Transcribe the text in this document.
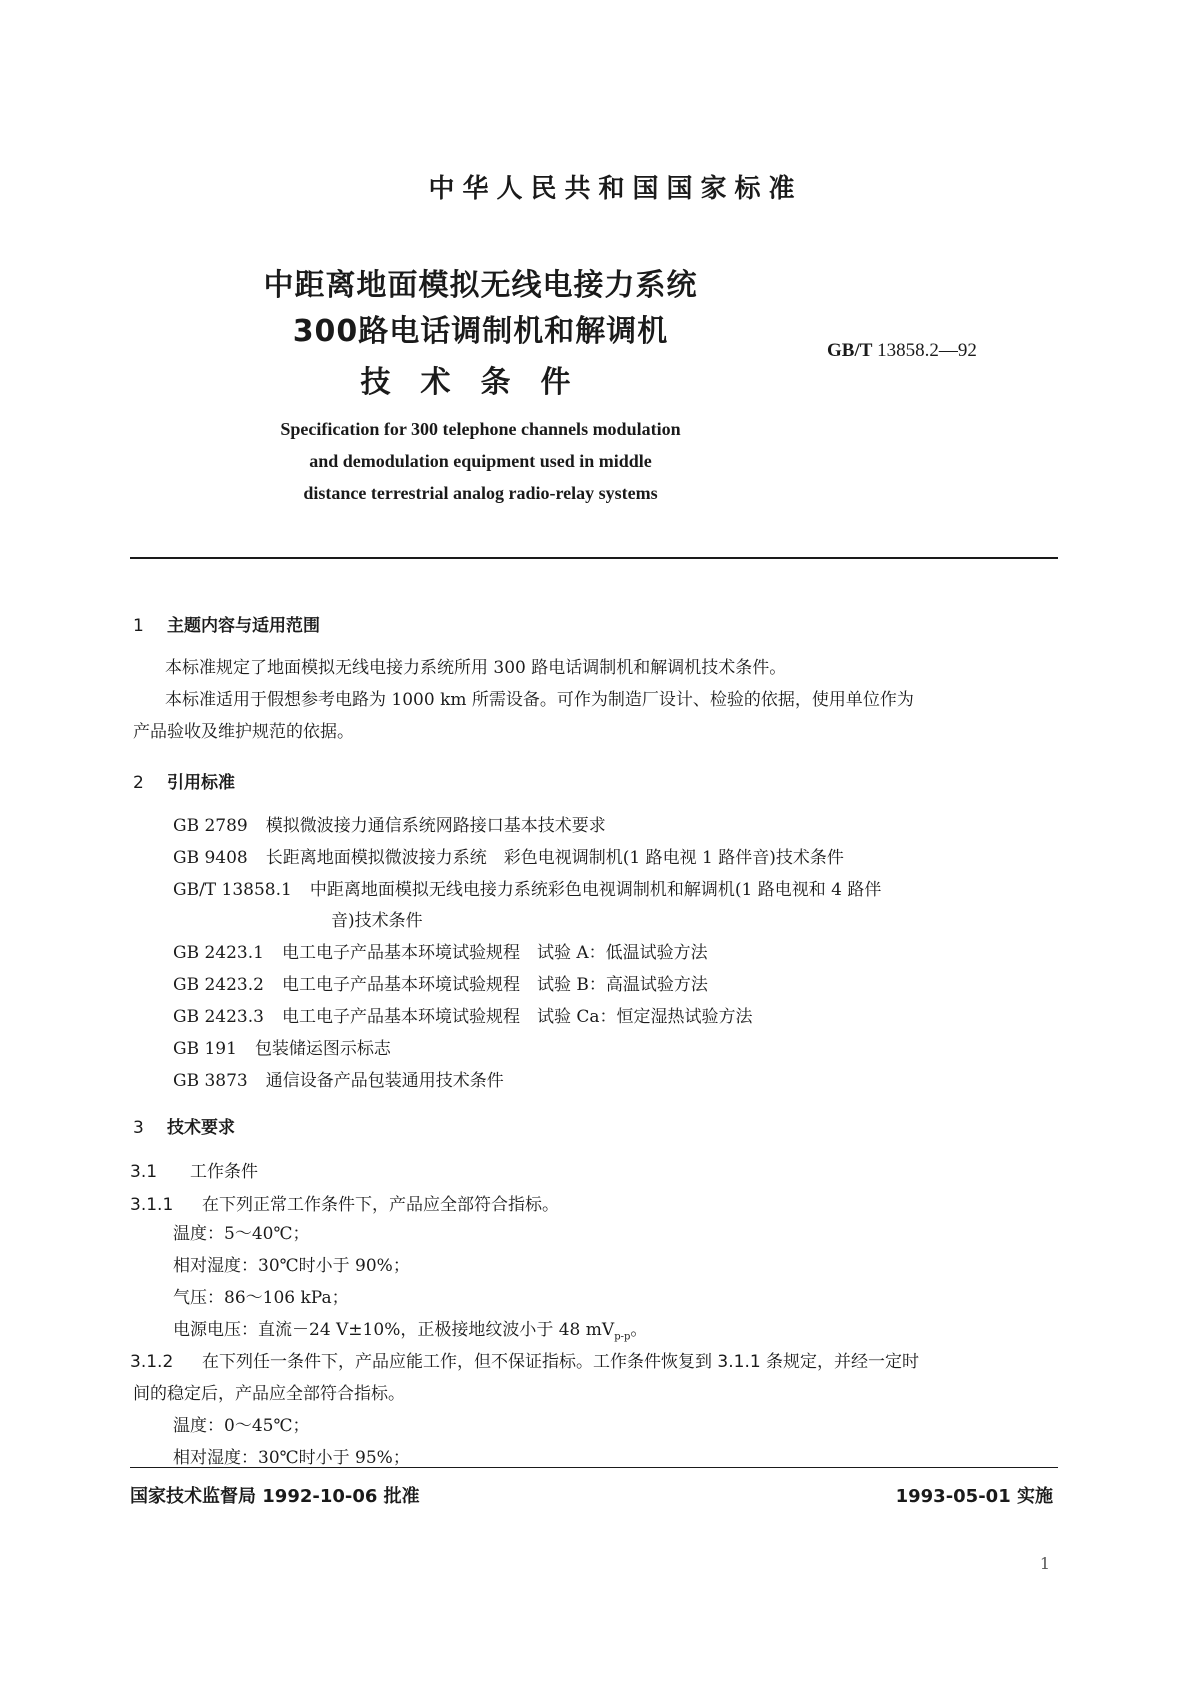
中华人民共和国国家标准
中距离地面模拟无线电接力系统
300路电话调制机和解调机
技术条件
GB/T 13858.2—92
Specification for 300 telephone channels modulation
and demodulation equipment used in middle
distance terrestrial analog radio-relay systems
1 主题内容与适用范围
本标准规定了地面模拟无线电接力系统所用 300 路电话调制机和解调机技术条件。
本标准适用于假想参考电路为 1000 km 所需设备。可作为制造厂设计、检验的依据，使用单位作为
产品验收及维护规范的依据。
2 引用标准
GB 2789 模拟微波接力通信系统网路接口基本技术要求
GB 9408 长距离地面模拟微波接力系统　彩色电视调制机(1 路电视 1 路伴音)技术条件
GB/T 13858.1 中距离地面模拟无线电接力系统彩色电视调制机和解调机(1 路电视和 4 路伴
音)技术条件
GB 2423.1 电工电子产品基本环境试验规程　试验 A：低温试验方法
GB 2423.2 电工电子产品基本环境试验规程　试验 B：高温试验方法
GB 2423.3 电工电子产品基本环境试验规程　试验 Ca：恒定湿热试验方法
GB 191 包装储运图示标志
GB 3873 通信设备产品包装通用技术条件
3 技术要求
3.1 工作条件
3.1.1 在下列正常工作条件下，产品应全部符合指标。
温度：5～40℃；
相对湿度：30℃时小于 90%；
气压：86～106 kPa；
电源电压：直流－24 V±10%，正极接地纹波小于 48 $mV_{p-p}$。
3.1.2 在下列任一条件下，产品应能工作，但不保证指标。工作条件恢复到 3.1.1 条规定，并经一定时
间的稳定后，产品应全部符合指标。
温度：0～45℃；
相对湿度：30℃时小于 95%；
国家技术监督局 1992-10-06 批准	1993-05-01 实施
1
